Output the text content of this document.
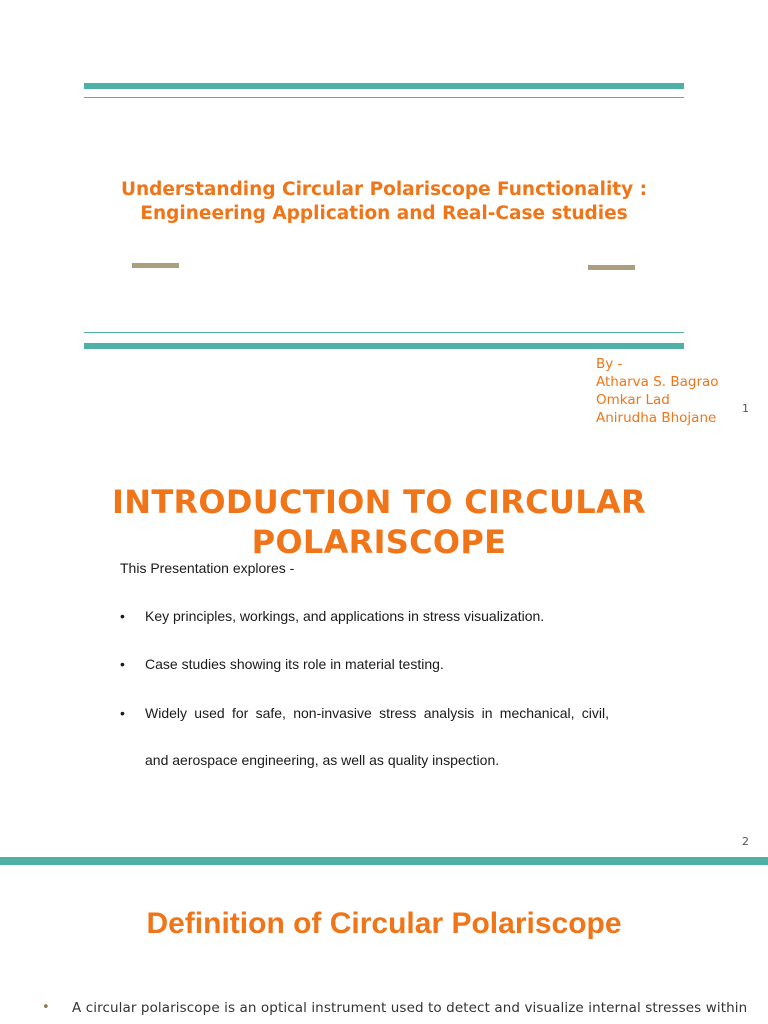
Understanding Circular Polariscope Functionality :
Engineering Application and Real-Case studies
By -
Atharva S. Bagrao
Omkar Lad
Anirudha Bhojane
1
INTRODUCTION TO CIRCULAR
POLARISCOPE
This Presentation explores -
• Key principles, workings, and applications in stress visualization.
• Case studies showing its role in material testing.
• Widely used for safe, non-invasive stress analysis in mechanical, civil,
and aerospace engineering, as well as quality inspection.
2
Definition of Circular Polariscope
• A circular polariscope is an optical instrument used to detect and visualize internal stresses within
